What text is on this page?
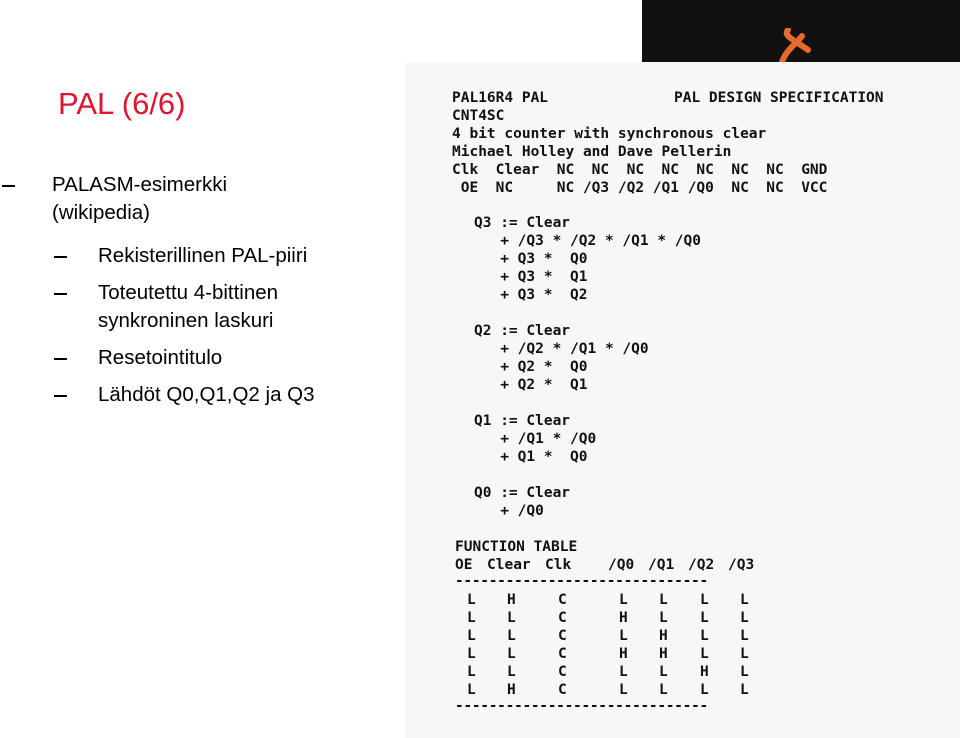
PAL (6/6)
PALASM-esimerkki
(wikipedia)
Rekisterillinen PAL-piiri
Toteutettu 4-bittinen
synkroninen laskuri
Resetointitulo
Lähdöt Q0,Q1,Q2 ja Q3
PAL16R4 PAL	PAL DESIGN SPECIFICATION
CNT4SC
4 bit counter with synchronous clear
Michael Holley and Dave Pellerin
Clk  Clear  NC  NC  NC  NC  NC  NC  NC  GND
OE  NC     NC /Q3 /Q2 /Q1 /Q0  NC  NC  VCC
Q3 := Clear
+ /Q3 * /Q2 * /Q1 * /Q0
+ Q3 *  Q0
+ Q3 *  Q1
+ Q3 *  Q2
Q2 := Clear
+ /Q2 * /Q1 * /Q0
+ Q2 *  Q0
+ Q2 *  Q1
Q1 := Clear
+ /Q1 * /Q0
+ Q1 *  Q0
Q0 := Clear
+ /Q0
FUNCTION TABLE
OE Clear Clk	/Q0 /Q1 /Q2 /Q3
------------------------------
L H	C	L L L L
L L	C	H L L L
L L	C	L H L L
L L	C	H H L L
L L	C	L L H L
L H	C	L L L L
------------------------------
